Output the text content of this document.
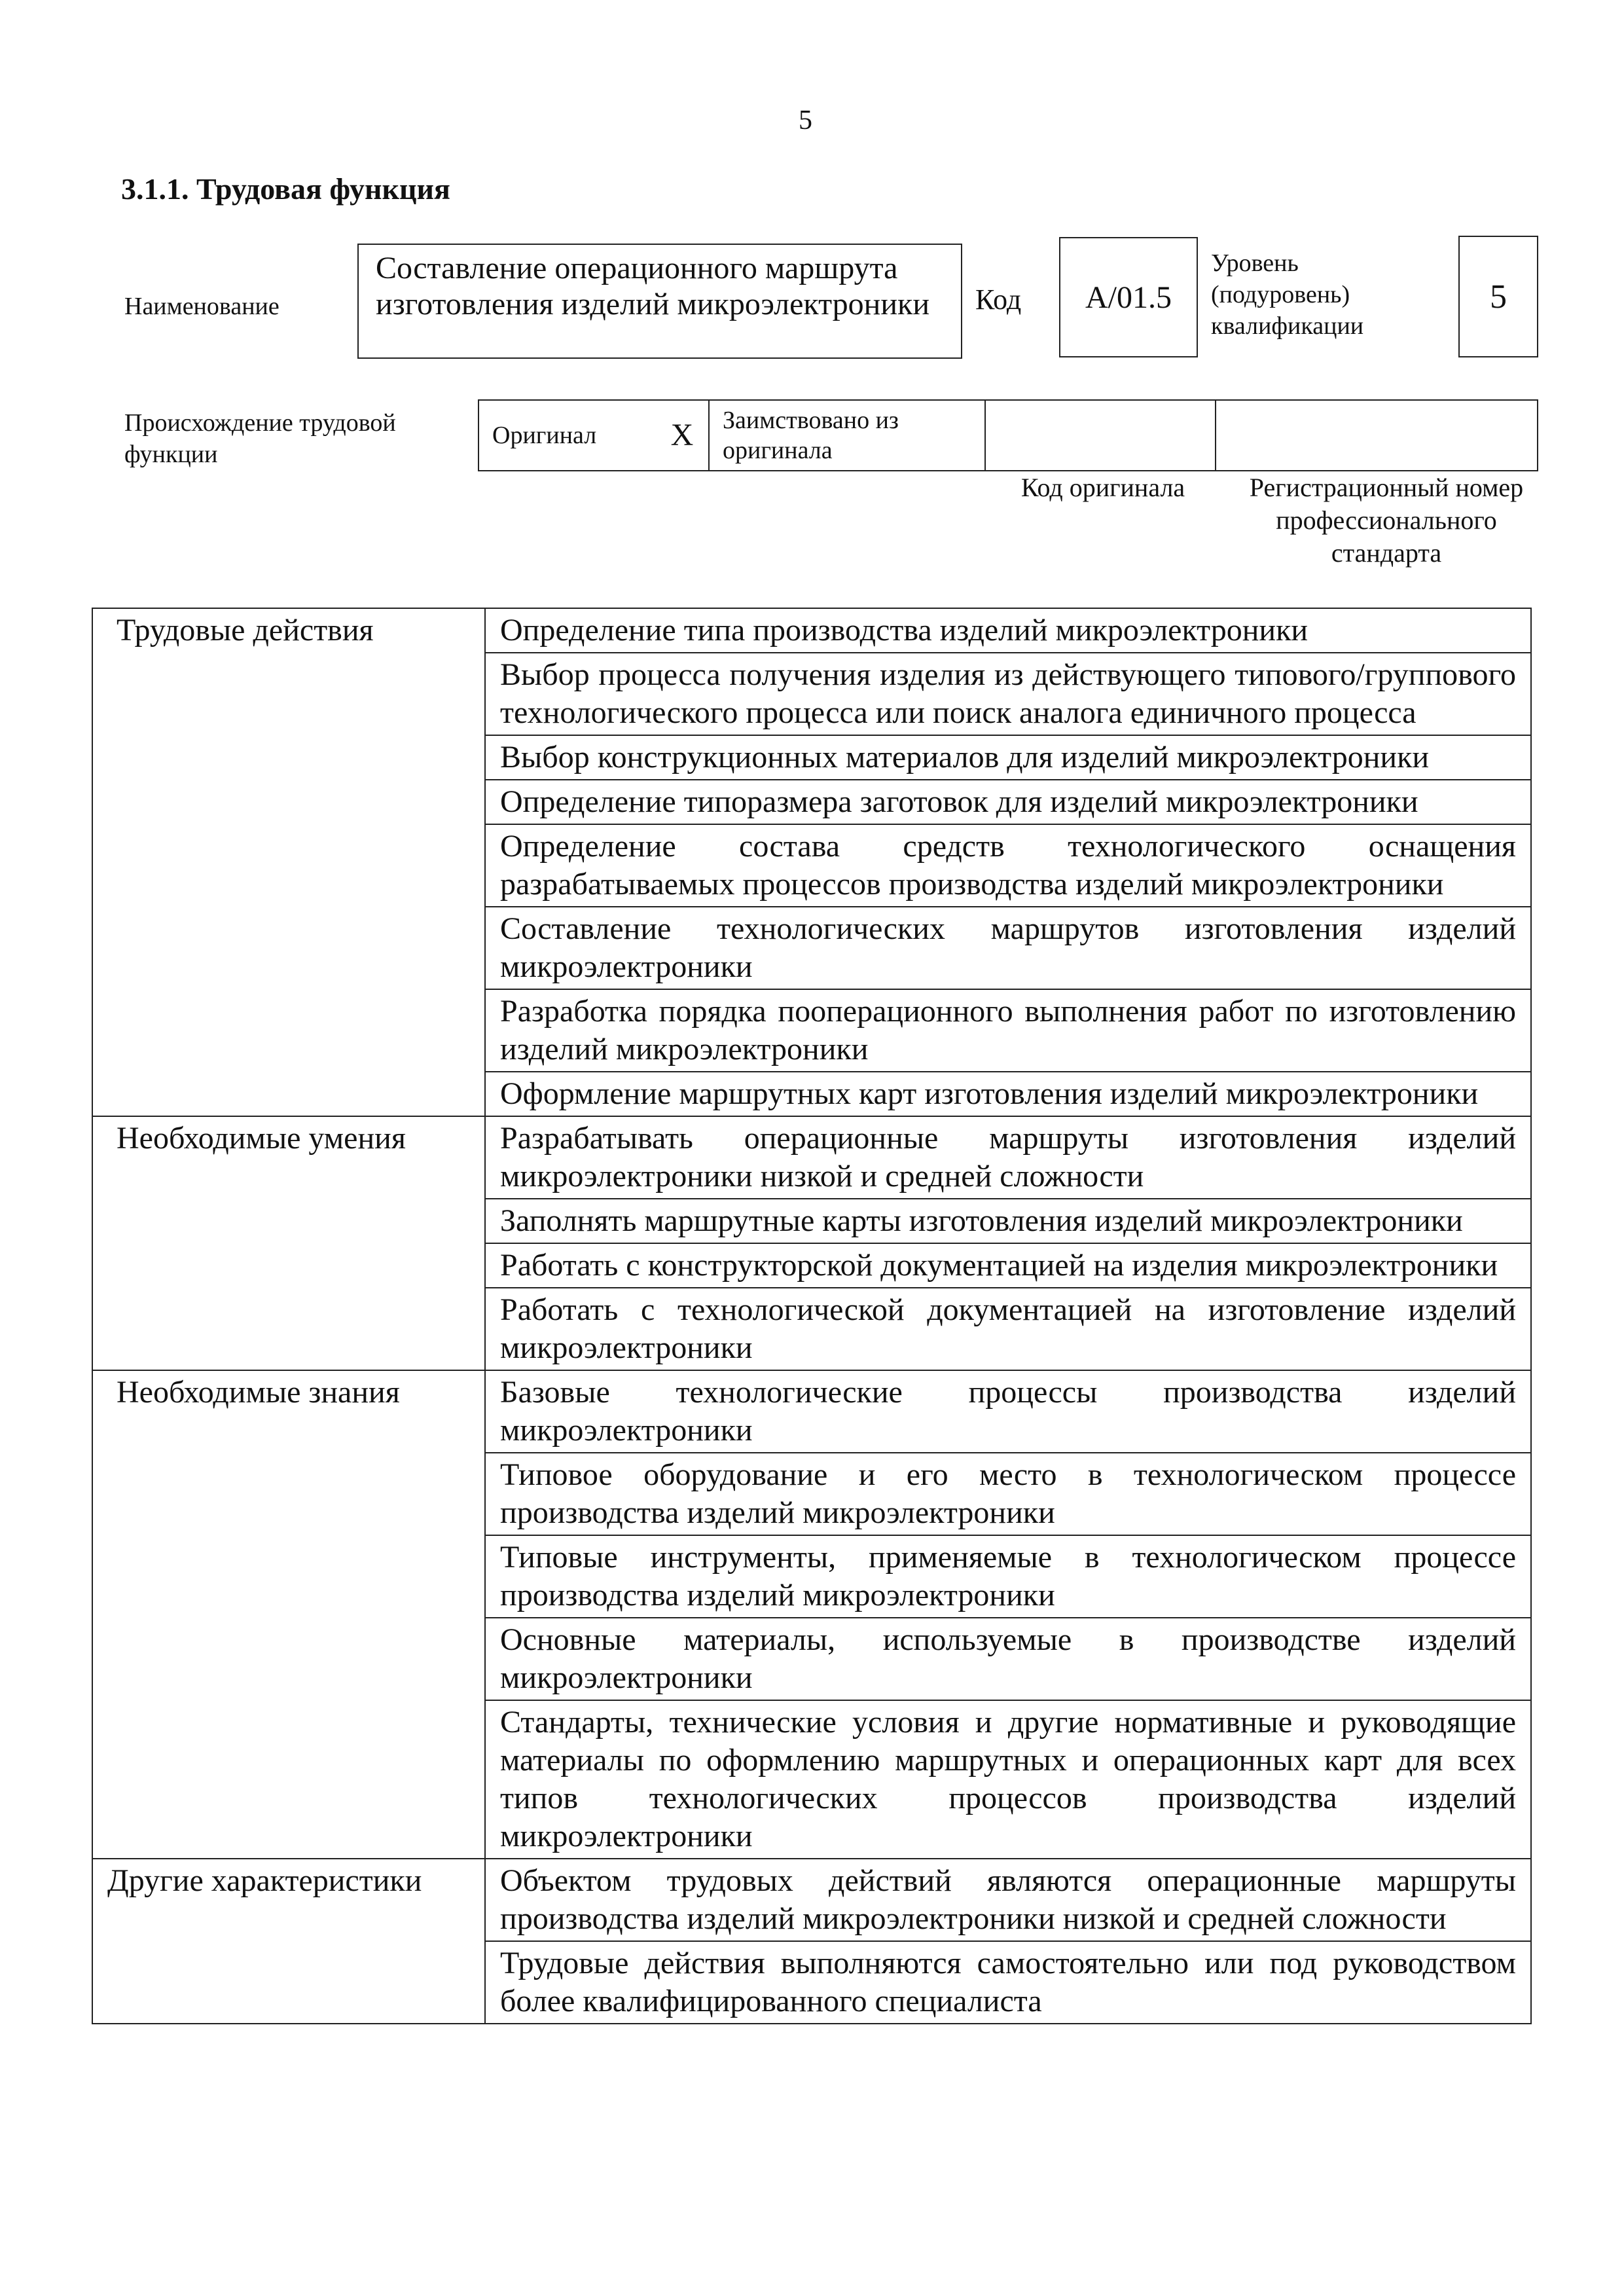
5
3.1.1. Трудовая функция
Наименование
Составление операционного маршрута изготовления изделий микроэлектроники	Код A/01.5
Уровень
(подуровень)
квалификации
5
Происхождение трудовой
функции
Оригинал	X	Заимствовано из
оригинала

Код оригинала	Регистрационный номер
профессионального
стандарта
Трудовые действия	Определение типа производства изделий микроэлектроники
	Выбор процесса получения изделия из действующего типового/группового технологического процесса или поиск аналога единичного процесса
	Выбор конструкционных материалов для изделий микроэлектроники
	Определение типоразмера заготовок для изделий микроэлектроники
	Определение состава средств технологического оснащения разрабатываемых процессов производства изделий микроэлектроники
	Составление технологических маршрутов изготовления изделий микроэлектроники
	Разработка порядка пооперационного выполнения работ по изготовлению изделий микроэлектроники
	Оформление маршрутных карт изготовления изделий микроэлектроники
Необходимые умения	Разрабатывать операционные маршруты изготовления изделий микроэлектроники низкой и средней сложности
	Заполнять маршрутные карты изготовления изделий микроэлектроники
	Работать с конструкторской документацией на изделия микроэлектроники
	Работать с технологической документацией на изготовление изделий микроэлектроники
Необходимые знания	Базовые технологические процессы производства изделий микроэлектроники
	Типовое оборудование и его место в технологическом процессе производства изделий микроэлектроники
	Типовые инструменты, применяемые в технологическом процессе производства изделий микроэлектроники
	Основные материалы, используемые в производстве изделий микроэлектроники
	Стандарты, технические условия и другие нормативные и руководящие материалы по оформлению маршрутных и операционных карт для всех типов технологических процессов производства изделий микроэлектроники
Другие характеристики	Объектом трудовых действий являются операционные маршруты производства изделий микроэлектроники низкой и средней сложности
	Трудовые действия выполняются самостоятельно или под руководством более квалифицированного специалиста
